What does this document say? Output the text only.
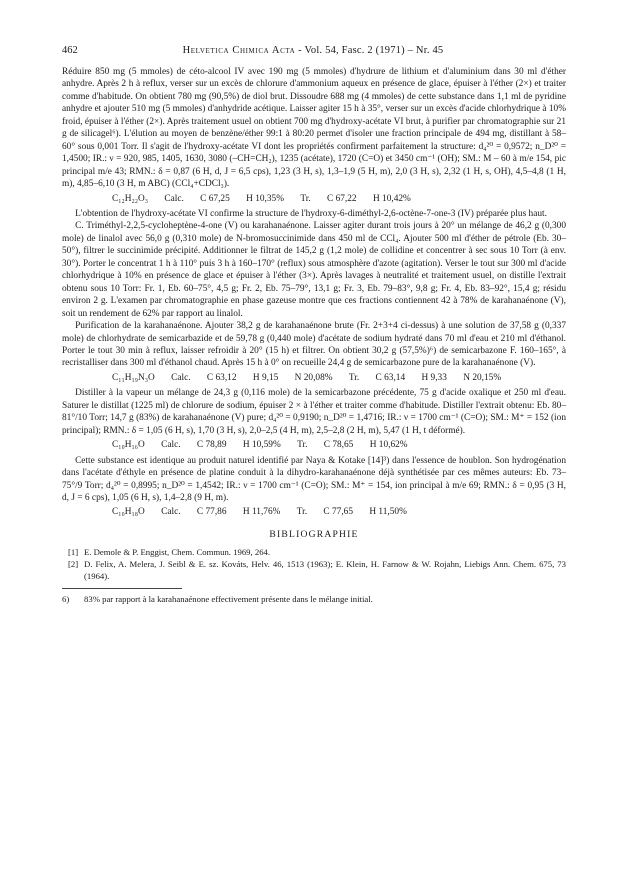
462	Helvetica Chimica Acta - Vol. 54, Fasc. 2 (1971) – Nr. 45

Réduire 850 mg (5 mmoles) de céto-alcool IV avec 190 mg (5 mmoles) d'hydrure de lithium et d'aluminium dans 30 ml d'éther anhydre. Après 2 h à reflux, verser sur un excès de chlorure d'ammonium aqueux en présence de glace, épuiser à l'éther (2×) et traiter comme d'habitude. On obtient 780 mg (90,5%) de diol brut. Dissoudre 688 mg (4 mmoles) de cette substance dans 1,1 ml de pyridine anhydre et ajouter 510 mg (5 mmoles) d'anhydride acétique. Laisser agiter 15 h à 35°, verser sur un excès d'acide chlorhydrique à 10% froid, épuiser à l'éther (2×). Après traitement usuel on obtient 700 mg d'hydroxy-acétate VI brut, à purifier par chromatographie sur 21 g de silicagel⁶). L'élution au moyen de benzène/éther 99:1 à 80:20 permet d'isoler une fraction principale de 494 mg, distillant à 58–60° sous 0,001 Torr. Il s'agit de l'hydroxy-acétate VI dont les propriétés confirment parfaitement la structure: d₄²⁰ = 0,9572; n_D²⁰ = 1,4500; IR.: ν = 920, 985, 1405, 1630, 3080 (–CH=CH₂), 1235 (acétate), 1720 (C=O) et 3450 cm⁻¹ (OH); SM.: M – 60 à m/e 154, pic principal m/e 43; RMN.: δ = 0,87 (6 H, d, J = 6,5 cps), 1,23 (3 H, s), 1,3–1,9 (5 H, m), 2,0 (3 H, s), 2,32 (1 H, s, OH), 4,5–4,8 (1 H, m), 4,85–6,10 (3 H, m ABC) (CCl₄+CDCl₃).

C₁₂H₂₂O₃ Calc. C 67,25 H 10,35% Tr. C 67,22 H 10,42%

L'obtention de l'hydroxy-acétate VI confirme la structure de l'hydroxy-6-diméthyl-2,6-octène-7-one-3 (IV) préparée plus haut.

C. Triméthyl-2,2,5-cycloheptène-4-one (V) ou karahanaénone. Laisser agiter durant trois jours à 20° un mélange de 46,2 g (0,300 mole) de linalol avec 56,0 g (0,310 mole) de N-bromosuccinimide dans 450 ml de CCl₄. Ajouter 500 ml d'éther de pétrole (Eb. 30–50°), filtrer le succinimide précipité. Additionner le filtrat de 145,2 g (1,2 mole) de collidine et concentrer à sec sous 10 Torr (à env. 30°). Porter le concentrat 1 h à 110° puis 3 h à 160–170° (reflux) sous atmosphère d'azote (agitation). Verser le tout sur 300 ml d'acide chlorhydrique à 10% en présence de glace et épuiser à l'éther (3×). Après lavages à neutralité et traitement usuel, on distille l'extrait obtenu sous 10 Torr: Fr. 1, Eb. 60–75°, 4,5 g; Fr. 2, Eb. 75–79°, 13,1 g; Fr. 3, Eb. 79–83°, 9,8 g; Fr. 4, Eb. 83–92°, 15,4 g; résidu environ 2 g. L'examen par chromatographie en phase gazeuse montre que ces fractions contiennent 42 à 78% de karahanaénone (V), soit un rendement de 62% par rapport au linalol.

Purification de la karahanaénone. Ajouter 38,2 g de karahanaénone brute (Fr. 2+3+4 ci-dessus) à une solution de 37,58 g (0,337 mole) de chlorhydrate de semicarbazide et de 59,78 g (0,440 mole) d'acétate de sodium hydraté dans 70 ml d'eau et 210 ml d'éthanol. Porter le tout 30 min à reflux, laisser refroidir à 20° (15 h) et filtrer. On obtient 30,2 g (57,5%)⁶) de semicarbazone F. 160–165°, à recristalliser dans 300 ml d'éthanol chaud. Après 15 h à 0° on recueille 24,4 g de semicarbazone pure de la karahanaénone (V).

C₁₁H₁₉N₃O Calc. C 63,12 H 9,15 N 20,08% Tr. C 63,14 H 9,33 N 20,15%

Distiller à la vapeur un mélange de 24,3 g (0,116 mole) de la semicarbazone précédente, 75 g d'acide oxalique et 250 ml d'eau. Saturer le distillat (1225 ml) de chlorure de sodium, épuiser 2 × à l'éther et traiter comme d'habitude. Distiller l'extrait obtenu: Eb. 80–81°/10 Torr; 14,7 g (83%) de karahanaénone (V) pure; d₄²⁰ = 0,9190; n_D²⁰ = 1,4716; IR.: ν = 1700 cm⁻¹ (C=O); SM.: M⁺ = 152 (ion principal); RMN.: δ = 1,05 (6 H, s), 1,70 (3 H, s), 2,0–2,5 (4 H, m), 2,5–2,8 (2 H, m), 5,47 (1 H, t déformé).

C₁₀H₁₆O Calc. C 78,89 H 10,59% Tr. C 78,65 H 10,62%

Cette substance est identique au produit naturel identifié par Naya & Kotake [14]³) dans l'essence de houblon. Son hydrogénation dans l'acétate d'éthyle en présence de platine conduit à la dihydro-karahanaénone déjà synthétisée par ces mêmes auteurs: Eb. 73–75°/9 Torr; d₄²⁰ = 0,8995; n_D²⁰ = 1,4542; IR.: ν = 1700 cm⁻¹ (C=O); SM.: M⁺ = 154, ion principal à m/e 69; RMN.: δ = 0,95 (3 H, d, J = 6 cps), 1,05 (6 H, s), 1,4–2,8 (9 H, m).

C₁₀H₁₈O Calc. C 77,86 H 11,76% Tr. C 77,65 H 11,50%
BIBLIOGRAPHIE
[1] E. Demole & P. Enggist, Chem. Commun. 1969, 264.
[2] D. Felix, A. Melera, J. Seibl & E. sz. Kováts, Helv. 46, 1513 (1963); E. Klein, H. Farnow & W. Rojahn, Liebigs Ann. Chem. 675, 73 (1964).
6) 83% par rapport à la karahanaénone effectivement présente dans le mélange initial.
